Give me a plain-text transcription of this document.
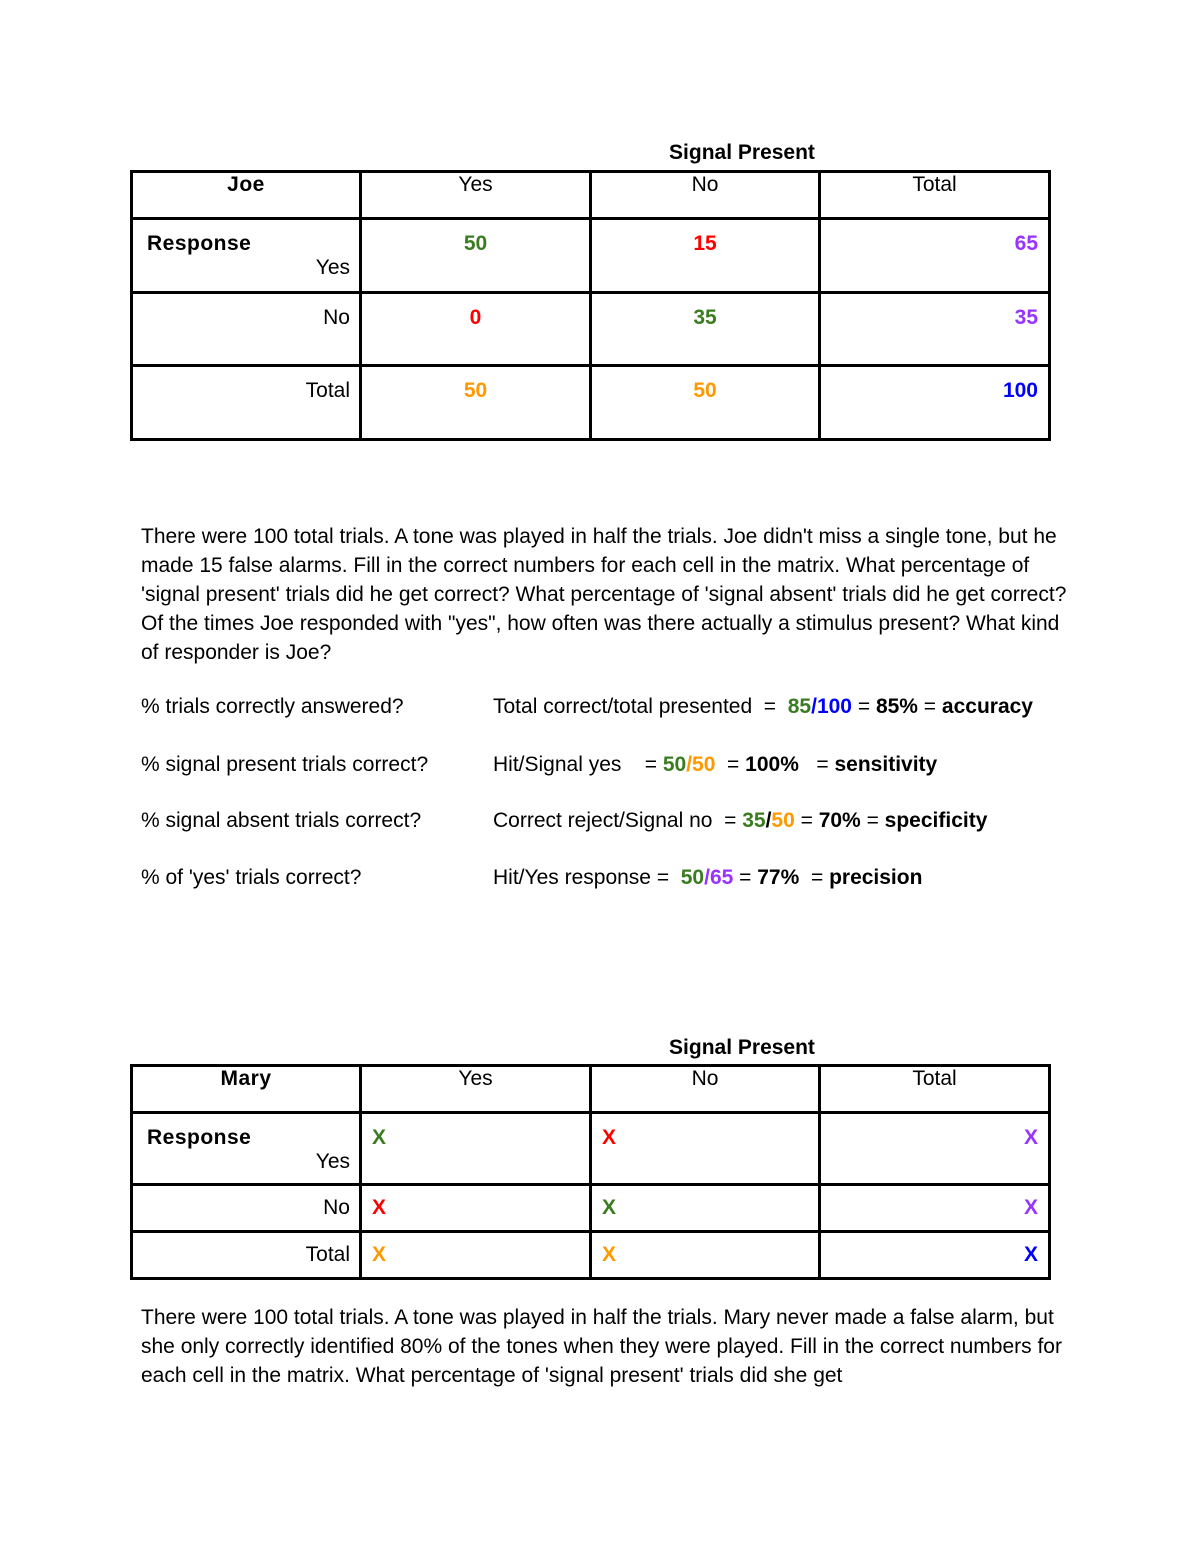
Signal Present
Joe	Yes	No	Total

Response
Yes	50	15	65
No	0	35	35
Total	50	50	100

There were 100 total trials. A tone was played in half the trials. Joe didn't miss a single tone, but he made 15 false alarms. Fill in the correct numbers for each cell in the matrix. What percentage of 'signal present' trials did he get correct? What percentage of 'signal absent' trials did he get correct? Of the times Joe responded with "yes", how often was there actually a stimulus present? What kind of responder is Joe?

% trials correctly answered?	Total correct/total presented  =  85/100 = 85% = accuracy
% signal present trials correct?	Hit/Signal yes    = 50/50  = 100%   = sensitivity
% signal absent trials correct?	Correct reject/Signal no  = 35/50 = 70% = specificity
% of 'yes' trials correct?	Hit/Yes response =  50/65 = 77%  = precision
Signal Present
Mary	Yes	No	Total

Response
Yes	X	X	X
No	X	X	X
Total	X	X	X

There were 100 total trials. A tone was played in half the trials. Mary never made a false alarm, but she only correctly identified 80% of the tones when they were played. Fill in the correct numbers for each cell in the matrix. What percentage of 'signal present' trials did she get
